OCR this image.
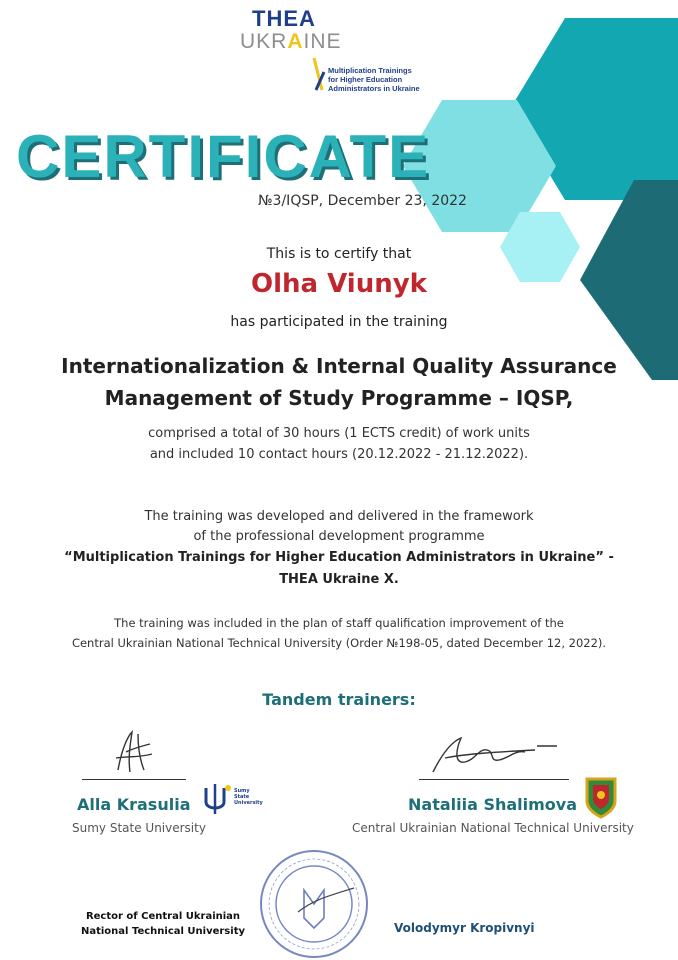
THEA
UKRAINE
Multiplication Trainings
for Higher Education
Administrators in Ukraine
CERTIFICATE
№3/IQSP, December 23, 2022
This is to certify that
Olha Viunyk
has participated in the training
Internationalization & Internal Quality Assurance
Management of Study Programme – IQSP,
comprised a total of 30 hours (1 ECTS credit) of work units
and included 10 contact hours (20.12.2022 - 21.12.2022).
The training was developed and delivered in the framework
of the professional development programme
“Multiplication Trainings for Higher Education Administrators in Ukraine” -
THEA Ukraine X.
The training was included in the plan of staff qualification improvement of the
Central Ukrainian National Technical University (Order №198-05, dated December 12, 2022).
Tandem trainers:
Alla Krasulia
Sumy State University
Sumy State University
Nataliia Shalimova
Central Ukrainian National Technical University
Rector of Central Ukrainian
National Technical University	Volodymyr Kropivnyi
